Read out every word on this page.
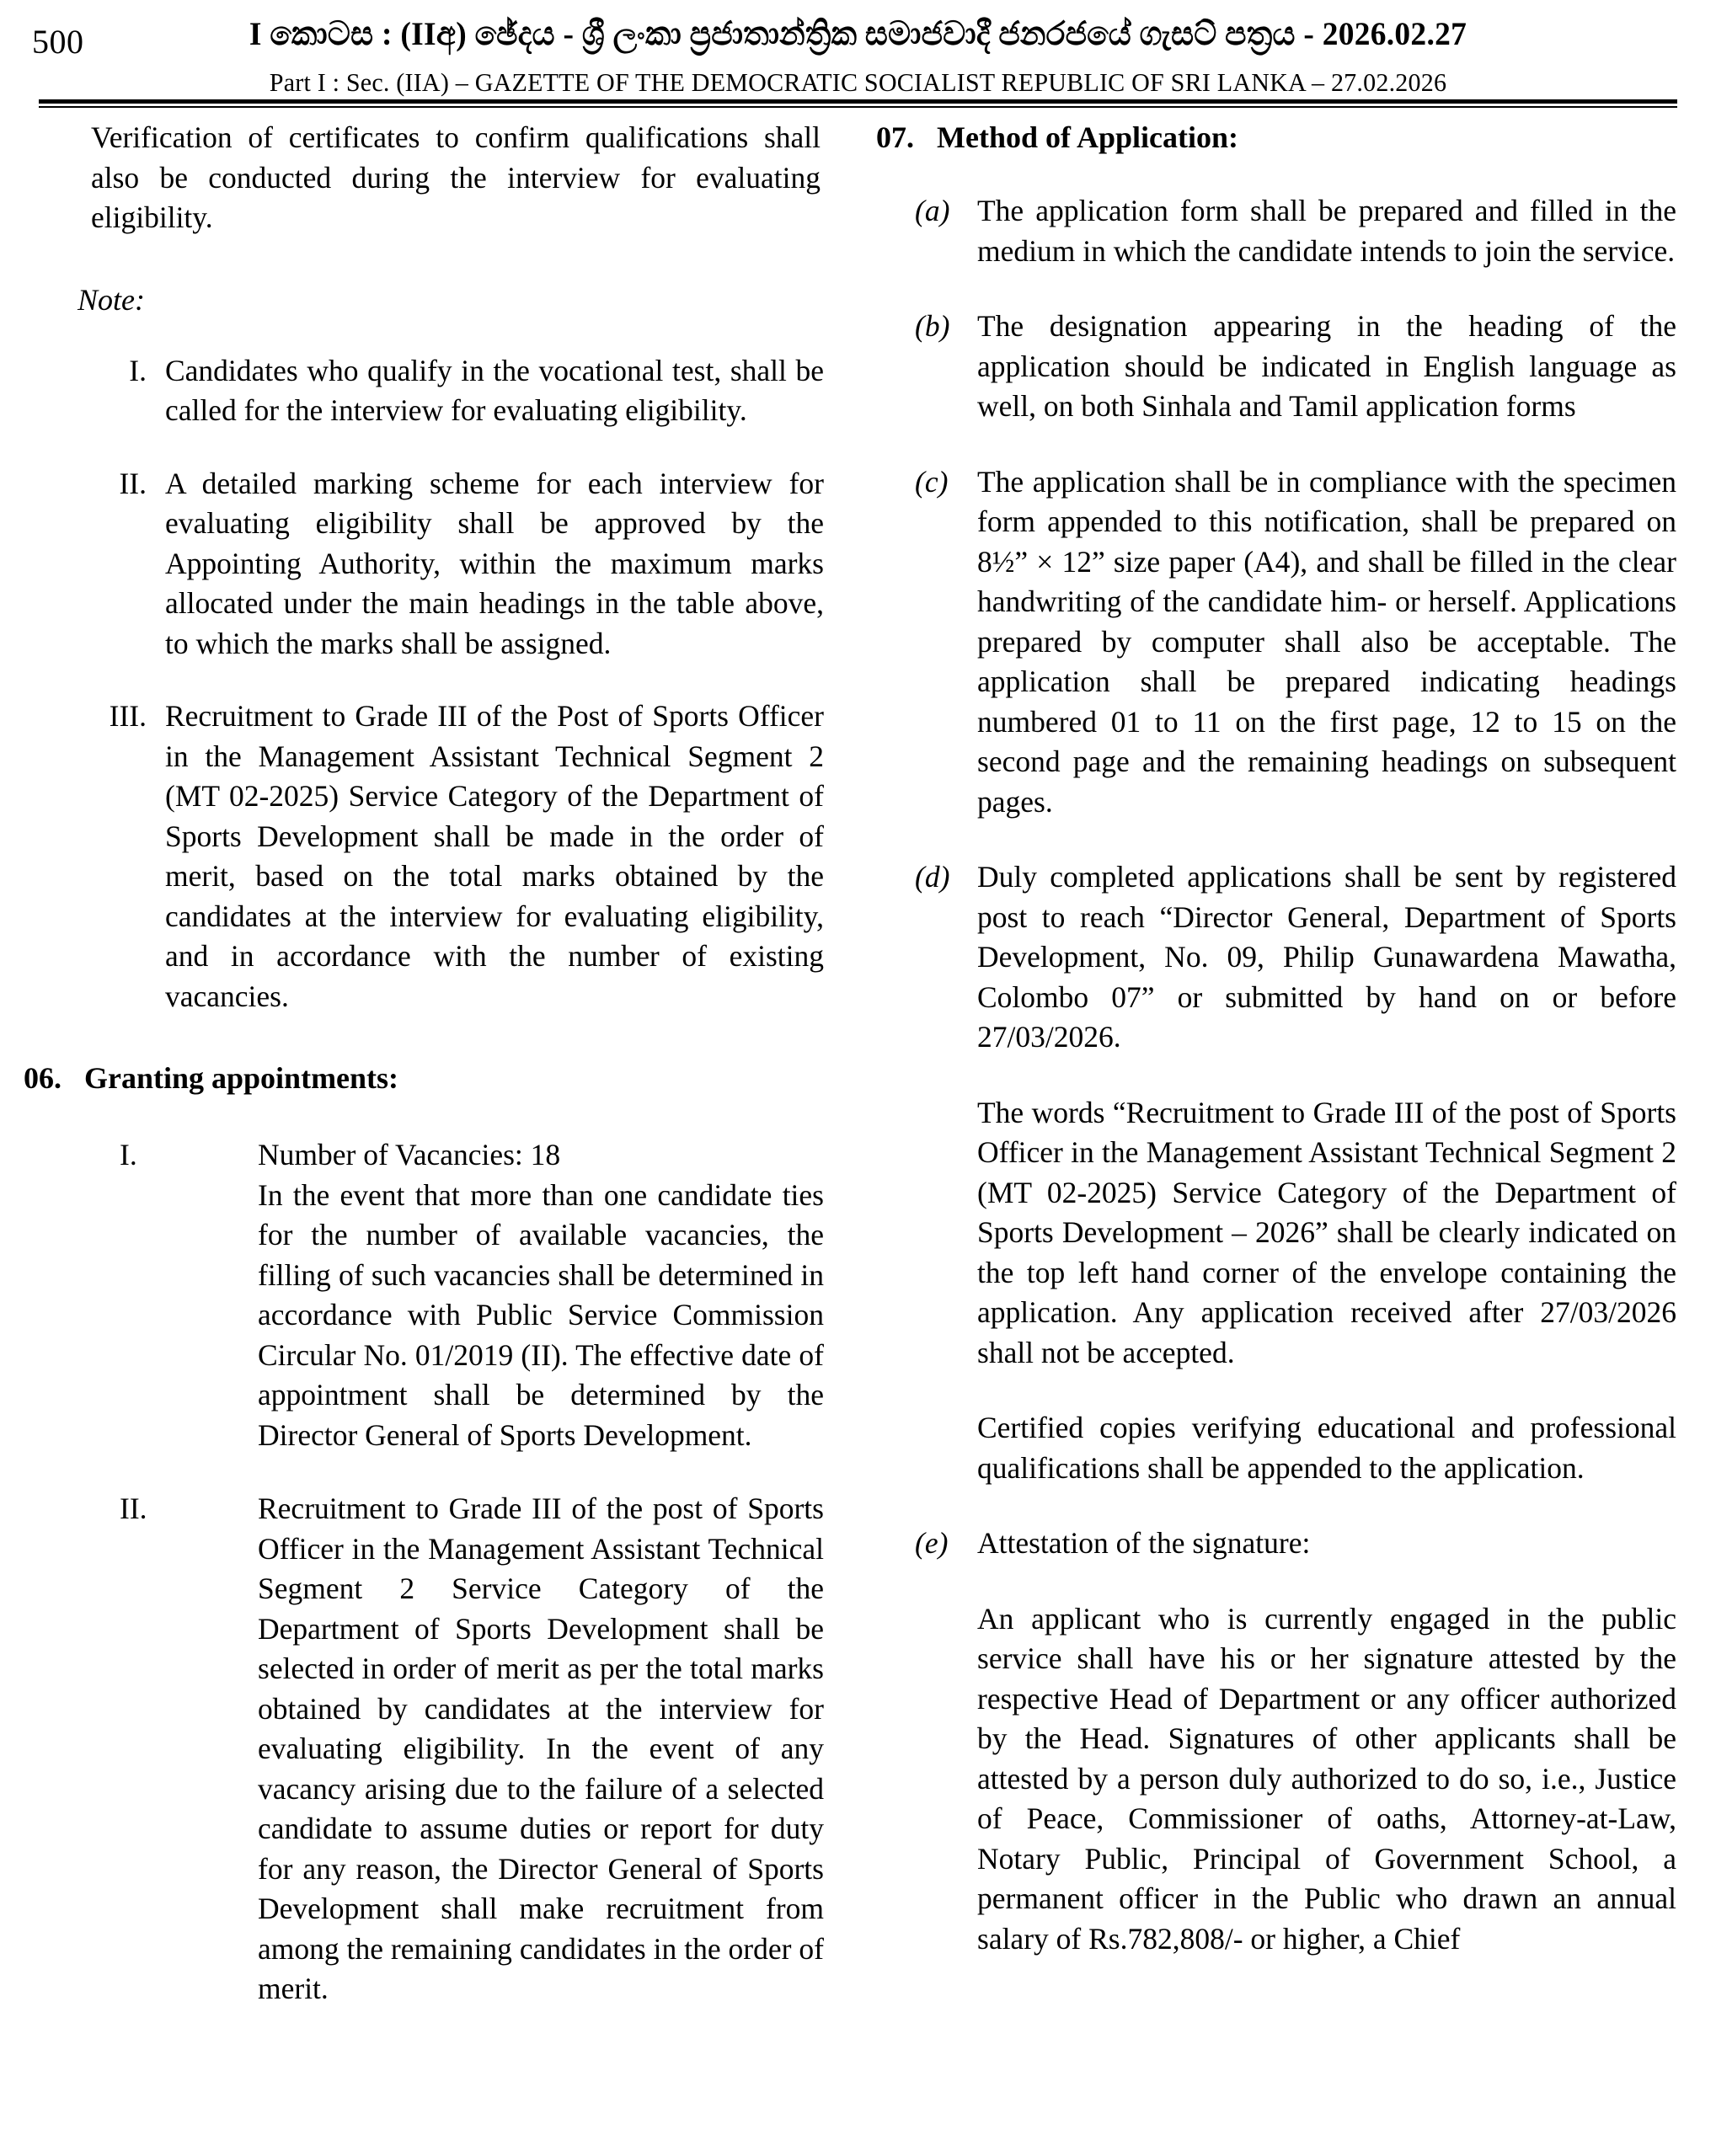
500	I කොටස : (IIඅ) ඡේදය - ශ්‍රී ලංකා ප්‍රජාතාන්ත්‍රික සමාජවාදී ජනරජයේ ගැසට් පත්‍රය - 2026.02.27
Part I : Sec. (IIA) – GAZETTE OF THE DEMOCRATIC SOCIALIST REPUBLIC OF SRI LANKA – 27.02.2026
Verification of certificates to confirm qualifications shall also be conducted during the interview for evaluating eligibility.
Note:
I. Candidates who qualify in the vocational test, shall be called for the interview for evaluating eligibility.
II. A detailed marking scheme for each interview for evaluating eligibility shall be approved by the Appointing Authority, within the maximum marks allocated under the main headings in the table above, to which the marks shall be assigned.
III. Recruitment to Grade III of the Post of Sports Officer in the Management Assistant Technical Segment 2 (MT 02-2025) Service Category of the Department of Sports Development shall be made in the order of merit, based on the total marks obtained by the candidates at the interview for evaluating eligibility, and in accordance with the number of existing vacancies.
06. Granting appointments:
I.	Number of Vacancies: 18
In the event that more than one candidate ties for the number of available vacancies, the filling of such vacancies shall be determined in accordance with Public Service Commission Circular No. 01/2019 (II). The effective date of appointment shall be determined by the Director General of Sports Development.
II.	Recruitment to Grade III of the post of Sports Officer in the Management Assistant Technical Segment 2 Service Category of the Department of Sports Development shall be selected in order of merit as per the total marks obtained by candidates at the interview for evaluating eligibility. In the event of any vacancy arising due to the failure of a selected candidate to assume duties or report for duty for any reason, the Director General of Sports Development shall make recruitment from among the remaining candidates in the order of merit.
07. Method of Application:
(a) The application form shall be prepared and filled in the medium in which the candidate intends to join the service.
(b) The designation appearing in the heading of the application should be indicated in English language as well, on both Sinhala and Tamil application forms
(c) The application shall be in compliance with the specimen form appended to this notification, shall be prepared on 8½” × 12” size paper (A4), and shall be filled in the clear handwriting of the candidate him- or herself. Applications prepared by computer shall also be acceptable. The application shall be prepared indicating headings numbered 01 to 11 on the first page, 12 to 15 on the second page and the remaining headings on subsequent pages.
(d) Duly completed applications shall be sent by registered post to reach “Director General, Department of Sports Development, No. 09, Philip Gunawardena Mawatha, Colombo 07” or submitted by hand on or before 27/03/2026.
The words “Recruitment to Grade III of the post of Sports Officer in the Management Assistant Technical Segment 2 (MT 02-2025) Service Category of the Department of Sports Development – 2026” shall be clearly indicated on the top left hand corner of the envelope containing the application. Any application received after 27/03/2026 shall not be accepted.
Certified copies verifying educational and professional qualifications shall be appended to the application.
(e) Attestation of the signature:
An applicant who is currently engaged in the public service shall have his or her signature attested by the respective Head of Department or any officer authorized by the Head. Signatures of other applicants shall be attested by a person duly authorized to do so, i.e., Justice of Peace, Commissioner of oaths, Attorney-at-Law, Notary Public, Principal of Government School, a permanent officer in the Public who drawn an annual salary of Rs.782,808/- or higher, a Chief
